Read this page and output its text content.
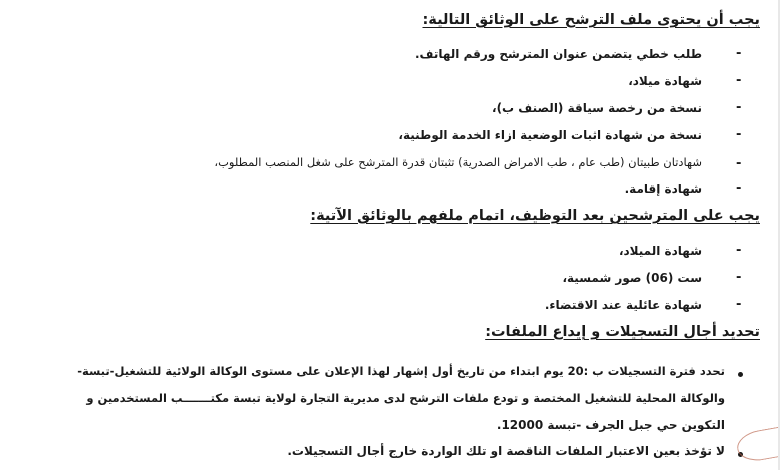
يجب أن يحتوى ملف الترشح على الوثائق التالية:
طلب خطي يتضمن عنوان المترشح ورقم الهاتف.	-
شهادة ميلاد،	-
نسخة من رخصة سياقة (الصنف ب)،	-
نسخة من شهادة اثبات الوضعية ازاء الخدمة الوطنية،	-
شهادتان طبيتان (طب عام ، طب الامراض الصدرية) تثبتان قدرة المترشح على شغل المنصب المطلوب،	-
شهادة إقامة.	-
يجب على المترشحين بعد التوظيف، اتمام ملفهم بالوثائق الآتية:
شهادة الميلاد،	-
ست (06) صور شمسية،	-
شهادة عائلية عند الاقتضاء.	-
تحديد أجال التسجيلات و إيداع الملفات:
تحدد فترة التسجيلات ب :20 يوم ابتداء من تاريخ أول إشهار لهذا الإعلان على مستوى الوكالة الولائية للتشغيل-تبسة-
والوكالة المحلية للتشغيل المختصة و تودع ملفات الترشح لدى مديرية التجارة لولاية تبسة مكتـــــــب المستخدمين و
التكوين حي جبل الجرف -تبسة 12000.
لا تؤخذ بعين الاعتبار الملفات الناقصة او تلك الواردة خارج أجال التسجيلات.
